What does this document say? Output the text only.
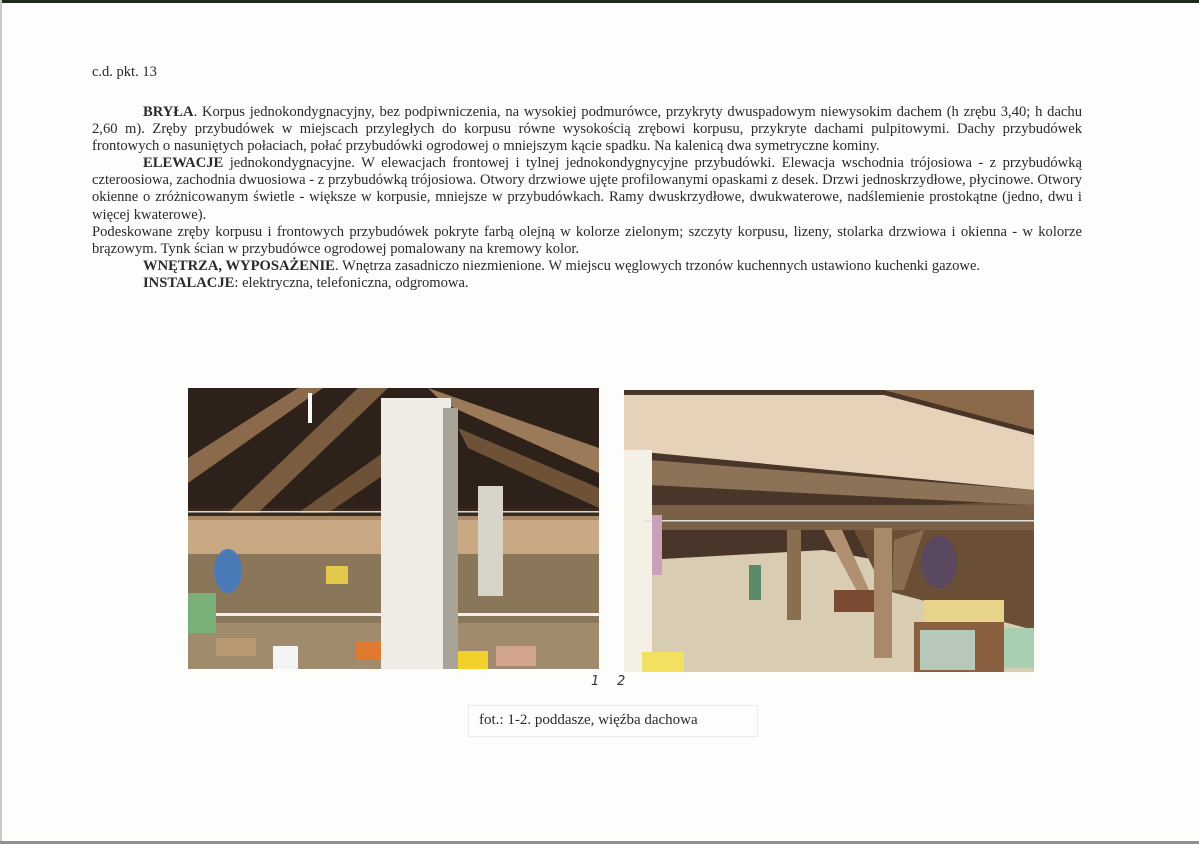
c.d. pkt. 13

BRYŁA. Korpus jednokondygnacyjny, bez podpiwniczenia, na wysokiej podmurówce, przykryty dwuspadowym niewysokim dachem (h zrębu 3,40; h dachu 2,60 m). Zręby przybudówek w miejscach przyległych do korpusu równe wysokością zrębowi korpusu, przykryte dachami pulpitowymi. Dachy przybudówek frontowych o nasuniętych połaciach, połać przybudówki ogrodowej o mniejszym kącie spadku. Na kalenicą dwa symetryczne kominy.

ELEWACJE jednokondygnacyjne. W elewacjach frontowej i tylnej jednokondygnycyjne przybudówki. Elewacja wschodnia trójosiowa - z przybudówką czteroosiowa, zachodnia dwuosiowa - z przybudówką trójosiowa. Otwory drzwiowe ujęte profilowanymi opaskami z desek. Drzwi jednoskrzydłowe, płycinowe. Otwory okienne o zróżnicowanym świetle - większe w korpusie, mniejsze w przybudówkach. Ramy dwuskrzydłowe, dwukwaterowe, nadślemienie prostokątne (jedno, dwu i więcej kwaterowe).

Podeskowane zręby korpusu i frontowych przybudówek pokryte farbą olejną w kolorze zielonym; szczyty korpusu, lizeny, stolarka drzwiowa i okienna - w kolorze brązowym. Tynk ścian w przybudówce ogrodowej pomalowany na kremowy kolor.

WNĘTRZA, WYPOSAŻENIE. Wnętrza zasadniczo niezmienione. W miejscu węglowych trzonów kuchennych ustawiono kuchenki gazowe.

INSTALACJE: elektryczna, telefoniczna, odgromowa.

1 2
fot.: 1-2. poddasze, więźba dachowa
